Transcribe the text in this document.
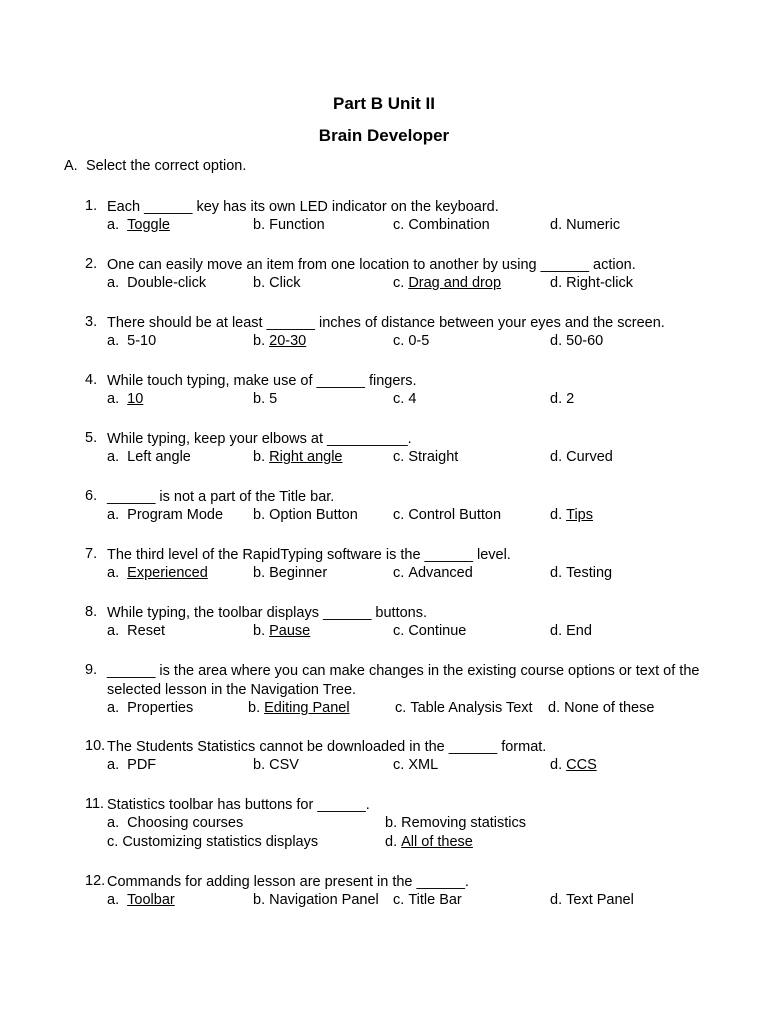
Part B Unit II
Brain Developer
A. Select the correct option.
1. Each ______ key has its own LED indicator on the keyboard.
a. Toggle	b. Function	c. Combination	d. Numeric
2. One can easily move an item from one location to another by using ______ action.
a. Double-click	b. Click	c. Drag and drop	d. Right-click
3. There should be at least ______ inches of distance between your eyes and the screen.
a. 5-10	b. 20-30	c. 0-5	d. 50-60
4. While touch typing, make use of ______ fingers.
a. 10	b. 5	c. 4	d. 2
5. While typing, keep your elbows at __________.
a. Left angle	b. Right angle	c. Straight	d. Curved
6. ______ is not a part of the Title bar.
a. Program Mode b. Option Button c. Control Button	d. Tips
7. The third level of the RapidTyping software is the ______ level.
a. Experienced	b. Beginner	c. Advanced	d. Testing
8. While typing, the toolbar displays ______ buttons.
a. Reset	b. Pause	c. Continue	d. End
9. ______ is the area where you can make changes in the existing course options or text of the selected lesson in the Navigation Tree.
a. Properties	b. Editing Panel	c. Table Analysis Text d. None of these
10. The Students Statistics cannot be downloaded in the ______ format.
a. PDF	b. CSV	c. XML	d. CCS
11. Statistics toolbar has buttons for ______.
a. Choosing courses	b. Removing statistics
c. Customizing statistics displays	d. All of these
12. Commands for adding lesson are present in the ______.
a. Toolbar	b. Navigation Panel c. Title Bar	d. Text Panel
